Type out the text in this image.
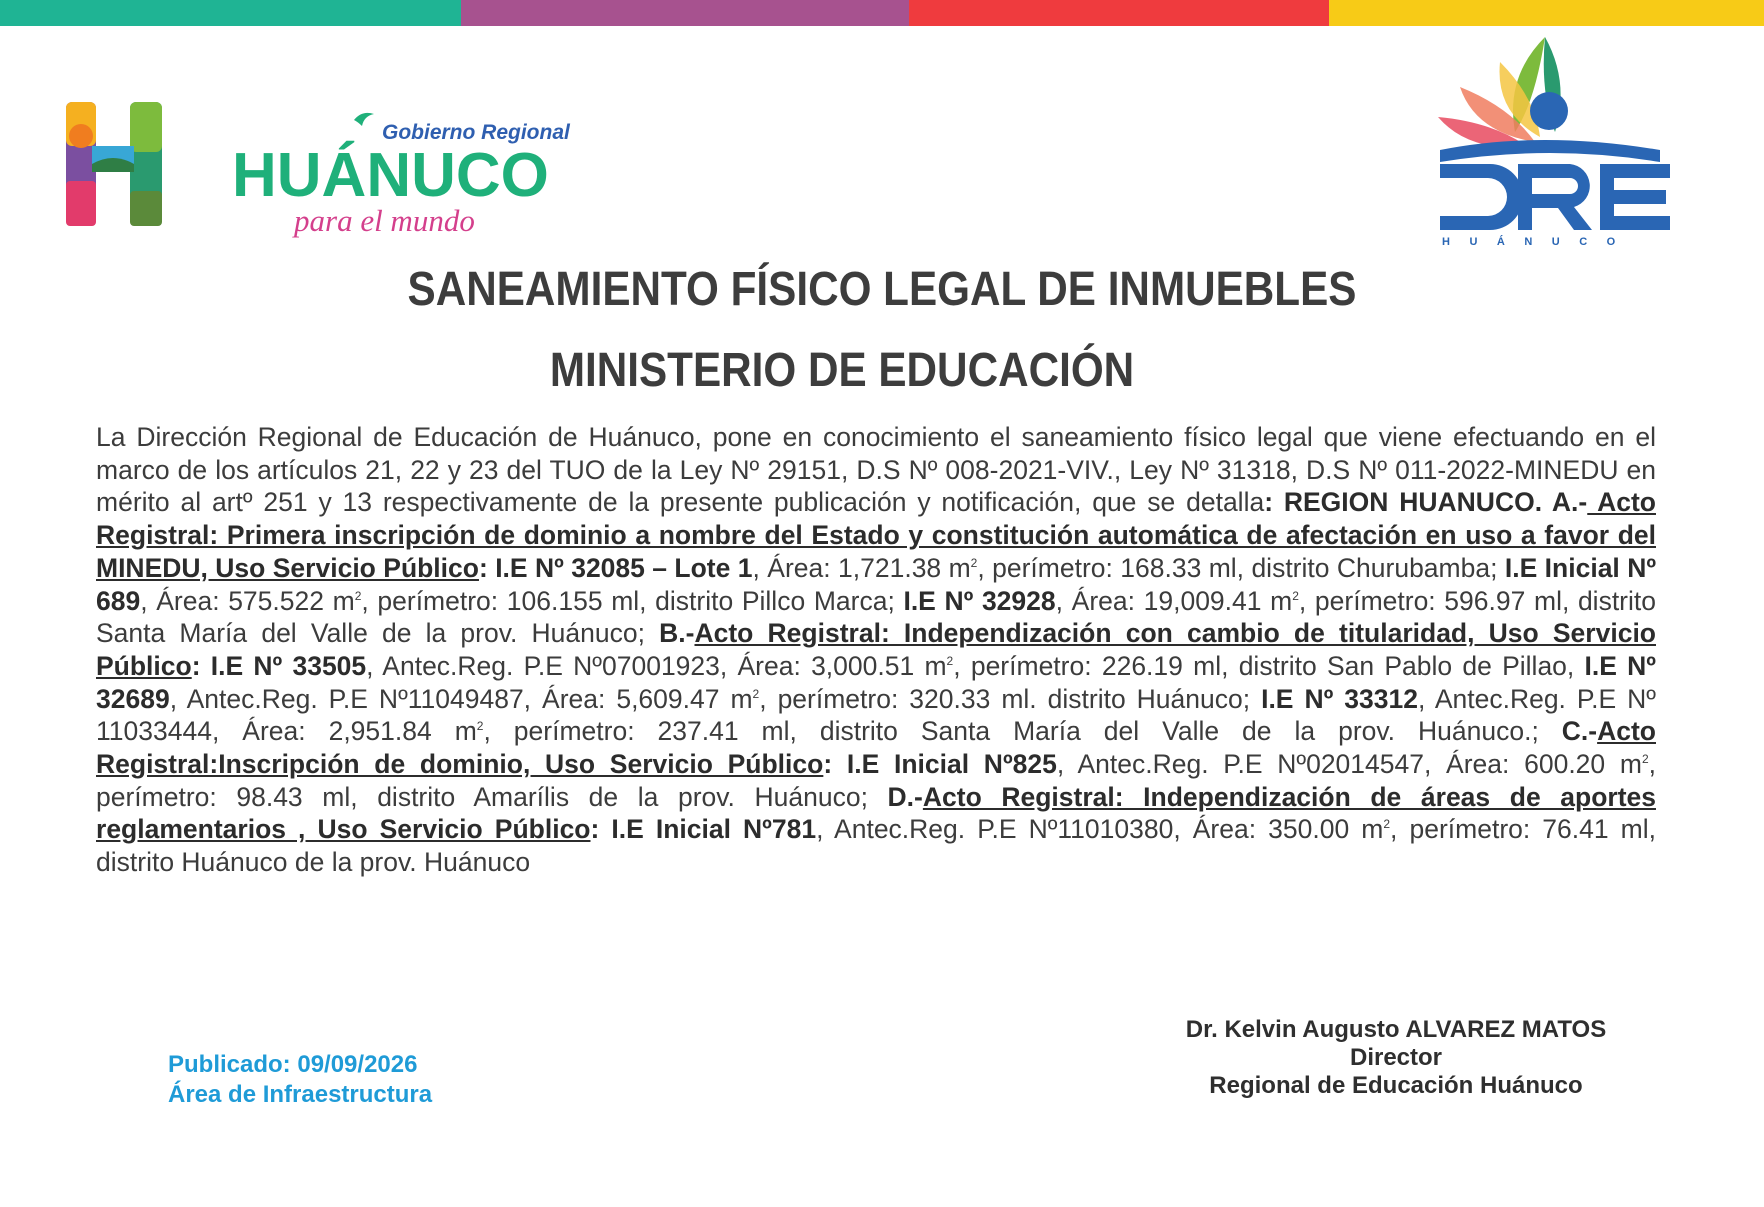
Gobierno Regional
HUÁNUCO
para el mundo
HUÁNUCO
SANEAMIENTO FÍSICO LEGAL DE INMUEBLES
MINISTERIO DE EDUCACIÓN
La Dirección Regional de Educación de Huánuco, pone en conocimiento el saneamiento físico legal que viene efectuando en el marco de los artículos 21, 22 y 23 del TUO de la Ley Nº 29151, D.S Nº 008-2021-VIV., Ley Nº 31318, D.S Nº 011-2022-MINEDU en mérito al artº 251 y 13 respectivamente de la presente publicación y notificación, que se detalla: REGION HUANUCO. A.- Acto Registral: Primera inscripción de dominio a nombre del Estado y constitución automática de afectación en uso a favor del MINEDU, Uso Servicio Público: I.E Nº 32085 – Lote 1, Área: 1,721.38 $m^2$, perímetro: 168.33 ml, distrito Churubamba; I.E Inicial Nº 689, Área: 575.522 $m^2$, perímetro: 106.155 ml, distrito Pillco Marca; I.E Nº 32928, Área: 19,009.41 $m^2$, perímetro: 596.97 ml, distrito Santa María del Valle de la prov. Huánuco; B.-Acto Registral: Independización con cambio de titularidad, Uso Servicio Público: I.E Nº 33505, Antec.Reg. P.E Nº07001923, Área: 3,000.51 $m^2$, perímetro: 226.19 ml, distrito San Pablo de Pillao, I.E Nº 32689, Antec.Reg. P.E Nº11049487, Área: 5,609.47 $m^2$, perímetro: 320.33 ml. distrito Huánuco; I.E Nº 33312, Antec.Reg. P.E Nº 11033444, Área: 2,951.84 $m^2$, perímetro: 237.41 ml, distrito Santa María del Valle de la prov. Huánuco.; C.-Acto Registral:Inscripción de dominio, Uso Servicio Público: I.E Inicial Nº825, Antec.Reg. P.E Nº02014547, Área: 600.20 $m^2$, perímetro: 98.43 ml, distrito Amarílis de la prov. Huánuco; D.-Acto Registral: Independización de áreas de aportes reglamentarios , Uso Servicio Público: I.E Inicial Nº781, Antec.Reg. P.E Nº11010380, Área: 350.00 $m^2$, perímetro: 76.41 ml, distrito Huánuco de la prov. Huánuco
Publicado: 09/09/2026
Área de Infraestructura
Dr. Kelvin Augusto ALVAREZ MATOS
Director
Regional de Educación Huánuco
